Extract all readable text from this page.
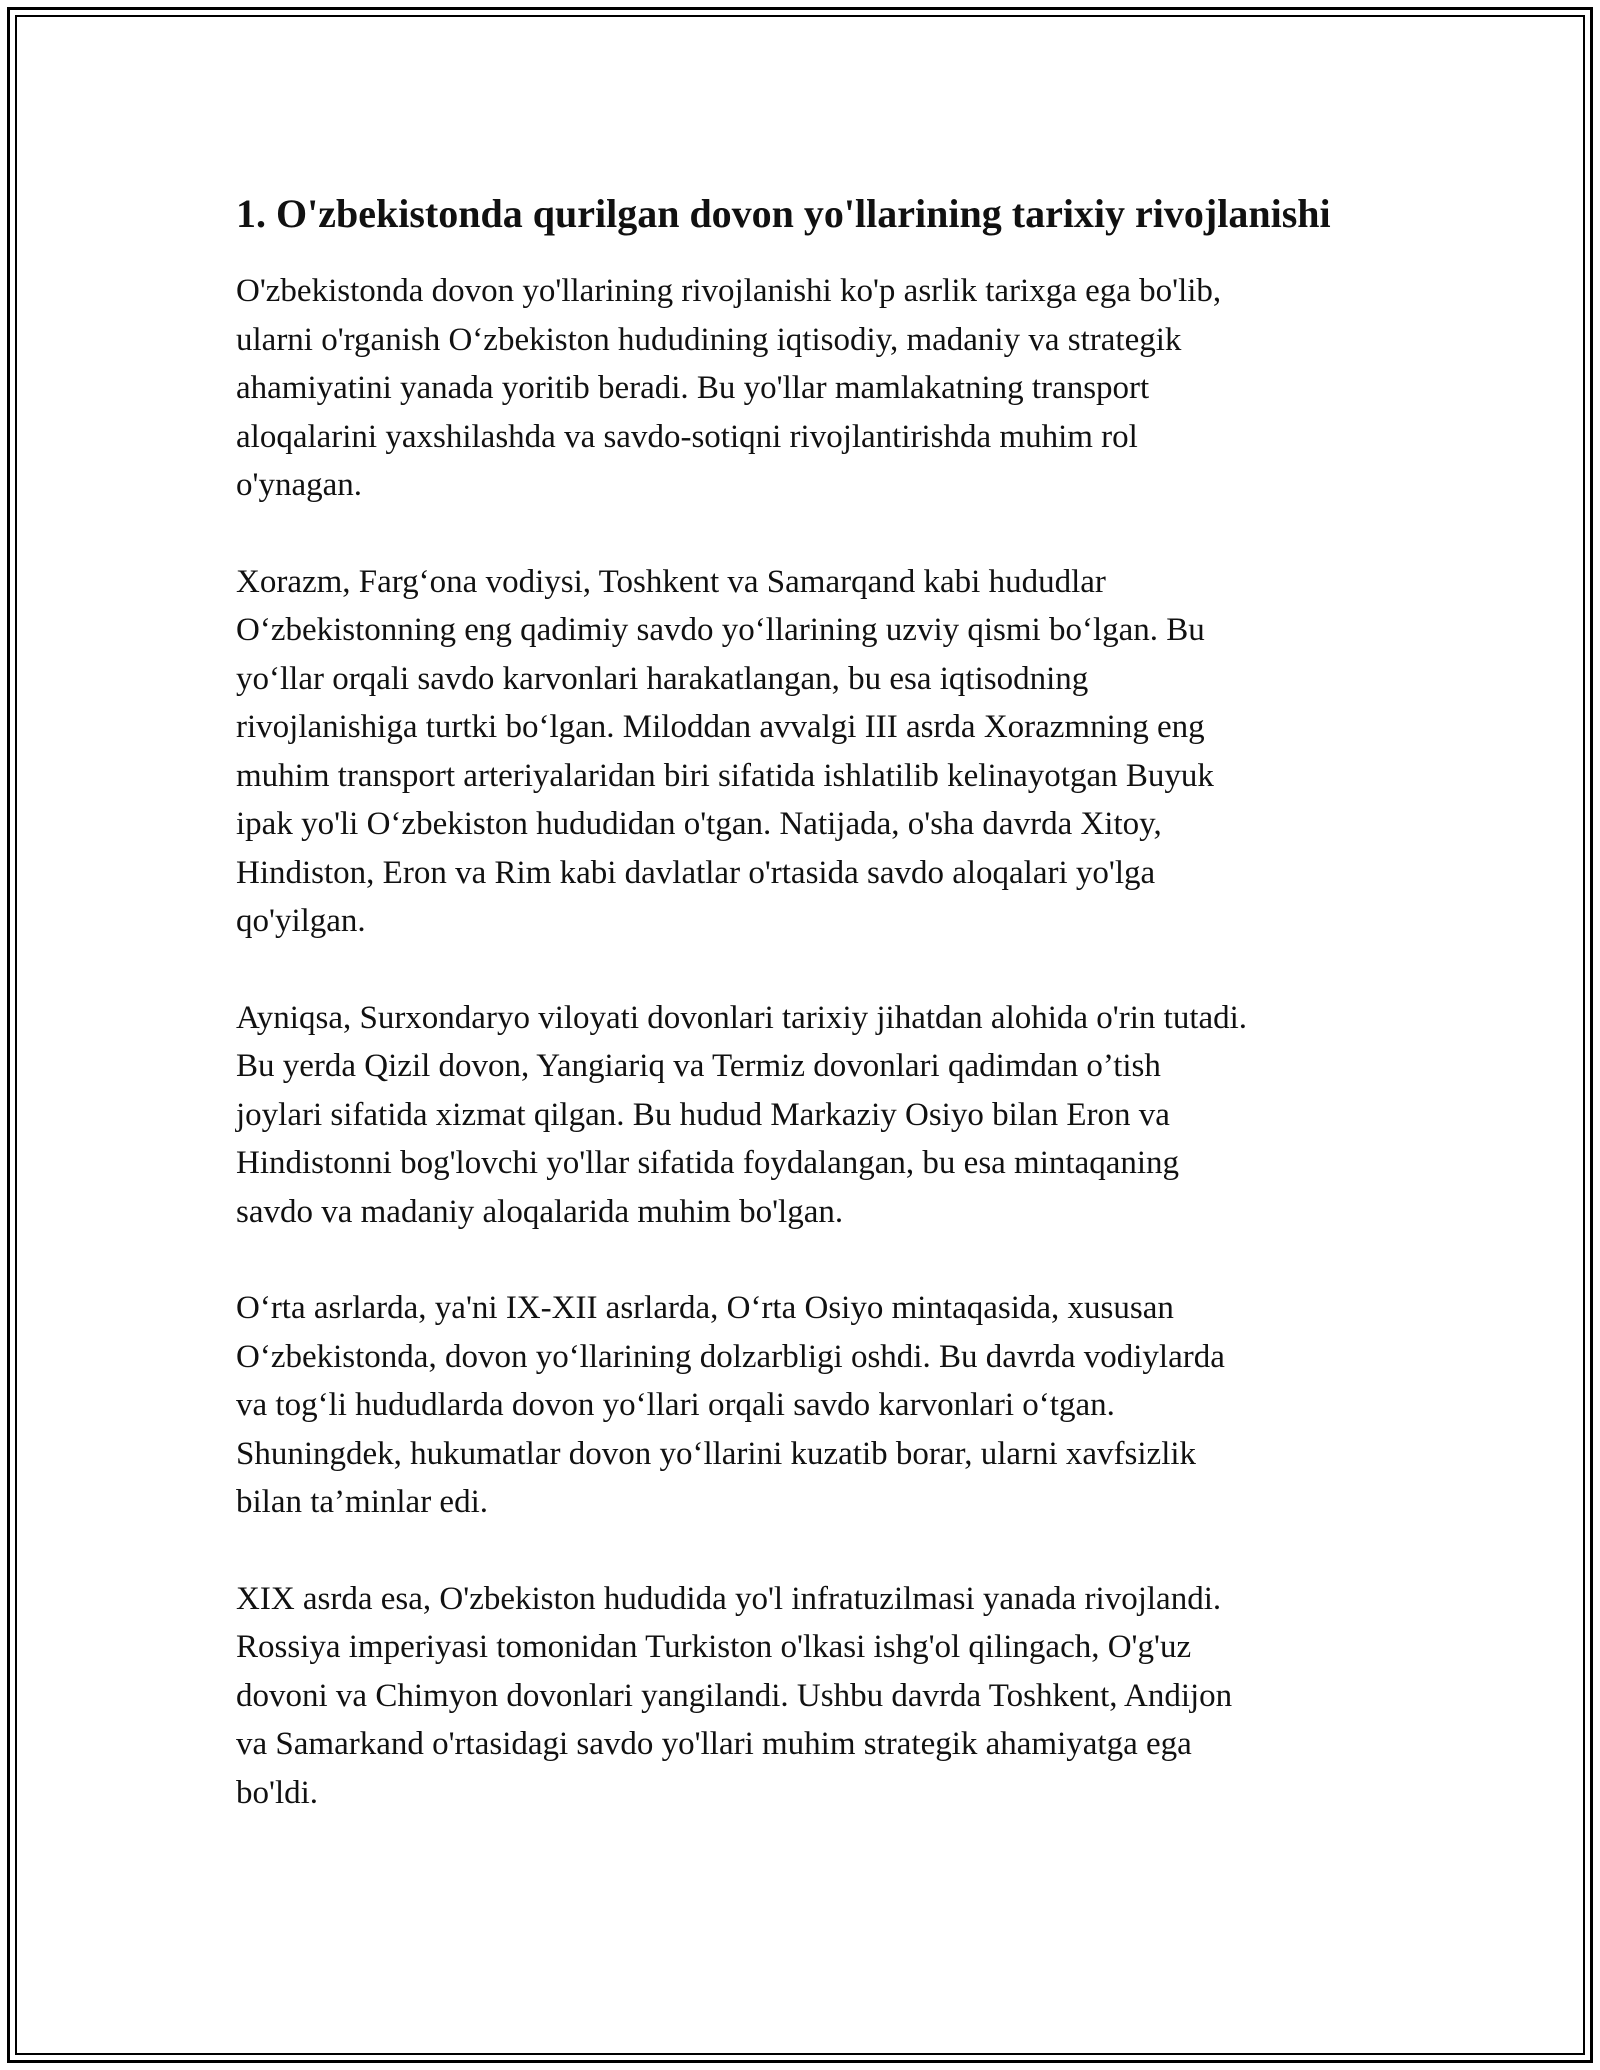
1. O'zbekistonda qurilgan dovon yo'llarining tarixiy rivojlanishi

O'zbekistonda dovon yo'llarining rivojlanishi ko'p asrlik tarixga ega bo'lib,
ularni o'rganish O‘zbekiston hududining iqtisodiy, madaniy va strategik
ahamiyatini yanada yoritib beradi. Bu yo'llar mamlakatning transport
aloqalarini yaxshilashda va savdo-sotiqni rivojlantirishda muhim rol
o'ynagan.

Xorazm, Farg‘ona vodiysi, Toshkent va Samarqand kabi hududlar
O‘zbekistonning eng qadimiy savdo yo‘llarining uzviy qismi bo‘lgan. Bu
yo‘llar orqali savdo karvonlari harakatlangan, bu esa iqtisodning
rivojlanishiga turtki bo‘lgan. Miloddan avvalgi III asrda Xorazmning eng
muhim transport arteriyalaridan biri sifatida ishlatilib kelinayotgan Buyuk
ipak yo'li O‘zbekiston hududidan o'tgan. Natijada, o'sha davrda Xitoy,
Hindiston, Eron va Rim kabi davlatlar o'rtasida savdo aloqalari yo'lga
qo'yilgan.

Ayniqsa, Surxondaryo viloyati dovonlari tarixiy jihatdan alohida o'rin tutadi.
Bu yerda Qizil dovon, Yangiariq va Termiz dovonlari qadimdan o’tish
joylari sifatida xizmat qilgan. Bu hudud Markaziy Osiyo bilan Eron va
Hindistonni bog'lovchi yo'llar sifatida foydalangan, bu esa mintaqaning
savdo va madaniy aloqalarida muhim bo'lgan.

O‘rta asrlarda, ya'ni IX-XII asrlarda, O‘rta Osiyo mintaqasida, xususan
O‘zbekistonda, dovon yo‘llarining dolzarbligi oshdi. Bu davrda vodiylarda
va tog‘li hududlarda dovon yo‘llari orqali savdo karvonlari o‘tgan.
Shuningdek, hukumatlar dovon yo‘llarini kuzatib borar, ularni xavfsizlik
bilan ta’minlar edi.

XIX asrda esa, O'zbekiston hududida yo'l infratuzilmasi yanada rivojlandi.
Rossiya imperiyasi tomonidan Turkiston o'lkasi ishg'ol qilingach, O'g'uz
dovoni va Chimyon dovonlari yangilandi. Ushbu davrda Toshkent, Andijon
va Samarkand o'rtasidagi savdo yo'llari muhim strategik ahamiyatga ega
bo'ldi.
